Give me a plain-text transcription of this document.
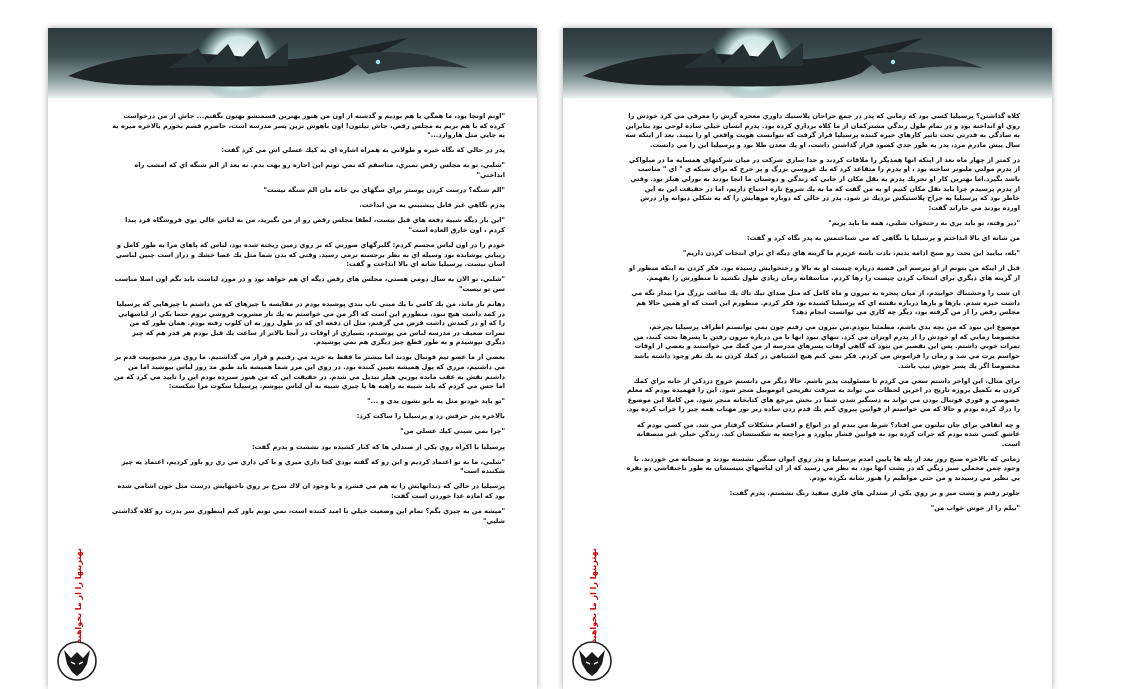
"اونم اونجا بود، ما همگي با هم بوديم و گذشته از اون من هنوز بهترين قسمتشو بهتون نگفتم... جاش از من درخواست كرده كه با هم بريم به مجلس رقص، جاش تيلتون! اون باهوش ترين پسر مدرسه است، حاضرم قسم بخورم بالاخره ميره به يه جايي مثل هاروارد..."

پدر در حالي كه نگاه خيره و طولاني به همراه اشاره اي به كيك عسلي اش مي كرد گفت:

"شلبي، تو به مجلس رقص نميري، متاسفم كه نمي تونم اين اجازه رو بهت بدم. نه بعد از الم شنگه اي كه امشب راه انداختي"

"الم شنگه؟ درست كردن پوستر براي سگهاي بي خانه مان الم شنگه نيست"

پدرم نگاهي غير قابل پيشبيني به من انداخت.

"اين بار ديگه شبيه دفعه هاي قبل نيست، لطفا مجلس رقص رو از من نگيريد، من به لباس عالي توي فروشگاه فرد پيدا كردم ، اون خارق العاده است"

خودم را در اون لباس مجسم كردم: گليرگهاي صورتي كه بر روي زمين ريخته شده بود، لباس كه پاهاي مرا به طور كامل و زيبايي پوشانده بود وسيله اي به نظر برجسته ترمي رسيد. وقتي كه بدن شما مثل يك عصا خشك و دراز است چنين لباسي اسان نيست. پرسيليا شانه اي بالا انداخت و گفت:

"شلبي، تو الان يه سال دومي هستي، مجلس هاي رقص ديگه اي هم خواهد بود و در مورد لباست بايد بگم اون اصلا مناسب سن تو نيست"

دهانم باز ماند، من يك كامي با يك ميني تاپ بندي پوشيده بودم در مقايسه با چيزهاي كه من داشتم با چيزهايي كه پرسيليا در كمد داشت هيچ نبود. منظورم اين است كه اگر من مي خواستم به يك بار مشروب فروشي بروم حتما يكي از لباسهايي را كه او در كمدش داشت قرض مي گرفتم، مثل ان دفعه اي كه در طول روز به ان كلوپ رفته بودم. همان طور كه من تمرات ضعيف در مدرسه لباس مي پوشيدم، بسياري از اوقات در آنجا بالاتر از ساعت يك قبل بودم هر قدر هم كه چيز ديگري نپوشيدم و به طور قطع چيز ديگري هم نمي پوشيدم.

بعضي از ما عضو تيم فوتبال بودند اما بيشتر ما فقط به خريد مي رفتيم و قرار مي گذاشتيم. ما روي مرز محبوبيت قدم بر مي داشتيم، مرزي كه پول هميشه تعيين كننده بود. در روي اين مرز شما هميشه بايد طبق مد روز لباس بپوشيد اما من داشتم نقش به عقب مانده بوربي هيلز تبديل مي شدم. در حقيقت اين كه من هنوز سيزده بودم اين را تاييد مي كرد كه من اما حس مي كردم كه بايد شبيه به راهبه ها يا چيزي شبيه به آن لباس بپوشم. پرسيليا سكوت مرا شكست:

"تو بايد خودتو مثل يه بانو نشون بدي و ..."

بالاخره پدر حرفش زد و پرسيليا را ساكت كرد:

"چرا نمي شيني كيك عسلي من"

پرسيليا با اكراه روي يكي از صندلي ها كه كنار كشيده بود نشست و پدرم گفت:

"شلبي، ما به تو اعتماد كرديم و اين رو كه گفته بودي كجا داري ميري و با كي داري مي ري رو باور كرديم، اعتماد يه چيز شكننده است"

پرسيليا در حالي كه دندانهايش را به هم مي فشرد و با وجود ان لاك سرخ بر روي ناخنهايش درست مثل خون اشامي شده بود كه اماده غذا خوردن است گفت:

"ميشه من يه چيزي بگم؟ تمام اين وضعيت خيلي نا اميد كننده است، نمي تونم باور كنم اينطوري سر پدرت رو كلاه گذاشتي شلبي"

بهترينها را از ما بخواهيد

كلاه گذاشتن؟ پرسيليا كسي بود كه زماني كه پدر در جمع جراحان پلاستيك داوري معجزه گرش را معرفي مي كرد خودش را روي او انداخته بود و در تمام طول زندگي مشتركمان از ما كلاه برداري كرده بود. پدرم انسان خيلي ساده لوحي بود بنابراين به سادگي به قدرتي تحت تاثير كارهاي خيره كننده پرسيليا قرار گرفت كه نتوانست هويت واقعي او را ببيند. بعد از اينكه سه سال پيش مادرم مرد، پدر به طور جدي كمبود قرار گذاشتن داشت، او يك معدن طلا بود و پرسيليا اين را مي دانست.

در كمتر از چهار ماه بعد از اينكه انها همديگر را ملاقات كردند و جدا سازي شركت در ميان شركتهاي همسايه ما در ميلواكي از پدرم مولتي مليونر ساخته بود ، او پدرم را متقاعد كرد كه يك عروسي بزرگ و پر خرج كه براي شبكه ي " اي " مناسب باشد بگيرد.اما بهترين كار او تحريك پدرم به نقل مكان از جايي كه زندگي و دوستان ما انجا بودند به بورلي هيلز بود. وقتي از پدرم پرسيدم چرا بايد نقل مكان كنيم او به من گفت كه ما به يك شروع تازه احتياج داريم، اما در حقيقت اين به اين خاطر بود كه پرسيليا به جراح پلاستيكش نزديك تر شود. پدر در حالي كه دوباره موهايش را كه به شكلي ديوانه وار درش اورده بودند مي خاراند گفت:

"دير وقته، تو بايد بري به رختخواب شلبي، همه ما بايد بريم"

من شانه اي بالا انداختم و پرسيليا با نگاهي كه مي شناختمش به پدر نگاه كرد و گفت:

"بله، بياييد اين بحث رو صبح ادامه بديم، بادت باشه عزيزم ما گزينه هاي ديگه اي براي انتخاب كردن داريم"

قبل از اينكه من بتونم از او بپرسم اين قضيه درباره چيست او به بالا و رختخوابش رسيده بود. فكر كردن به اينكه منظور او از گزينه هاي ديگري براي انتخاب كردن چيست را رها كردم. متاسفانه زمان زيادي طول نكشيد تا منظورش را بفهمم.

ان شب را وحشتناك خوابيدم، از ميان پنجره به بيرون و ماه كامل كه مثل صداي تيك تاك يك ساعت بزرگ مرا بيدار نگه مي داشت خيره شدم. بارها و بارها درباره نقشه اي كه پرسيليا كشيده بود فكر كردم. منظورم اين است كه او همين حالا هم مجلس رقص را از من گرفته بود، ديگر چه كاري مي توانست انجام دهد؟

موضوع اين نبود كه من بچه بدي باشم، مطمئنا نبودم.من بيرون مي رفتم چون نمي توانستم اطراف پرسيليا بچرخم، مخصوصا زماني كه او خودش را از پدرم اويزان مي كرد. تنهاي نبود انها با من درباره بيرون رفتن با پسرها بحث كنند، من تمرات خوبي داشتم. پس اين تقصير من نبود كه گاهي اوقات پسرهاي مدرسه از من كمك مي خواستند و بعضي از اوقات حواسم پرت مي شد و زمان را فراموش مي كردم. فكر نمي كنم هيچ اشتباهي در كمك كردن به يك نفر وجود داشته باشد مخصوصا اگر يك پسر خوش تيپ باشد.

براي مثال، اين اواخر داشتم سعي مي كردم تا مسئوليت پذير باشم. حالا ديگر مي دانستم خروج دزدكي از خانه براي كمك كردن به تكميل پروژه تاريخ در اخرين لحظات مي تواند به سرقت تفريحي اتوموبيل منجر شود. اين را فهميده بودم كه معلم خصوصي و فوري فوتبال بودن مي تواند به دستگير شدن شما در بخش مرجع هاي كتابخانه منجر شود. من كاملا اين موضوع را درك كرده بودم و حالا كه مي خواستم از قوانين پيروي كنم يك قدم زدن ساده زير نور مهتاب همه چيز را خراب كرده بود.

و چه اتفاقي براي جان تيلتون مي افتاد؟ شرط مي بندم او در انواع و اقسام مشكلات گرفتار مي شد. من كسي بودم كه عاشق كسي شده بودم كه جرات كرده بود به قوانين فشار بياورد و مراجعه به شكستشان كند. زندگي خيلي غير منصفانه است.

زماني كه بالاخره صبح روز بعد از پله ها پايين امدم پرسيليا و پدر روي ايوان سنگي نشسته بودند و صبحانه مي خوردند. با وجود چمن مخملي سبز رنگي كه در پشت انها بود، به نظر مي رسيد كه از ان لباسهاي تنيسشان به طور ناخنقاشي دو نفره بي نظير مي رسيدند و من حتي مواظبم را هنوز شانه نكرده بودم.

جلوتر رفتم و پشت ميز و بر روي يكي از صندلي هاي فلزي سفيد رنگ نشستم. پدرم گفت:

"نيلم را از خوش خواب من"

بهترينها را از ما بخواهيد
